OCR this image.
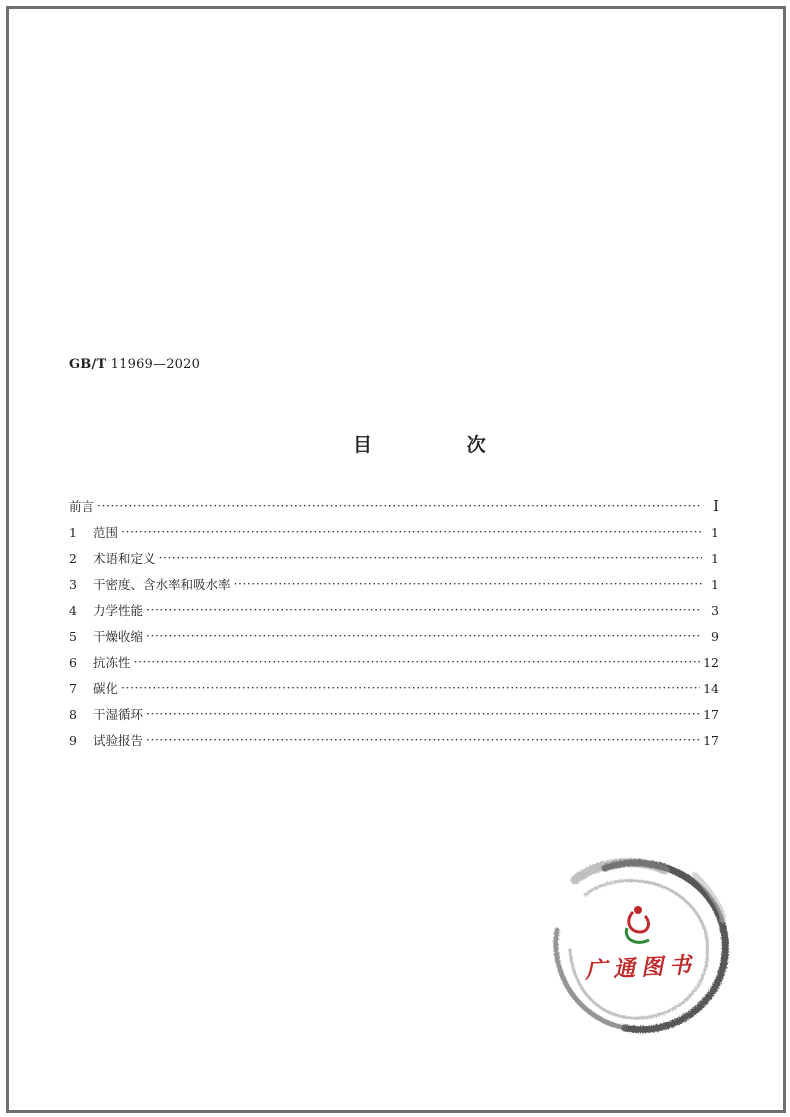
GB/T 11969—2020
目 次
前言 ·····	Ⅰ
1	范围 ·····	1
2	术语和定义 ·····	1
3	干密度、含水率和吸水率 ·····	1
4	力学性能 ·····	3
5	干燥收缩 ·····	9
6	抗冻性 ·····	12
7	碳化 ·····	14
8	干湿循环 ·····	17
9	试验报告 ·····	17
广通图书
